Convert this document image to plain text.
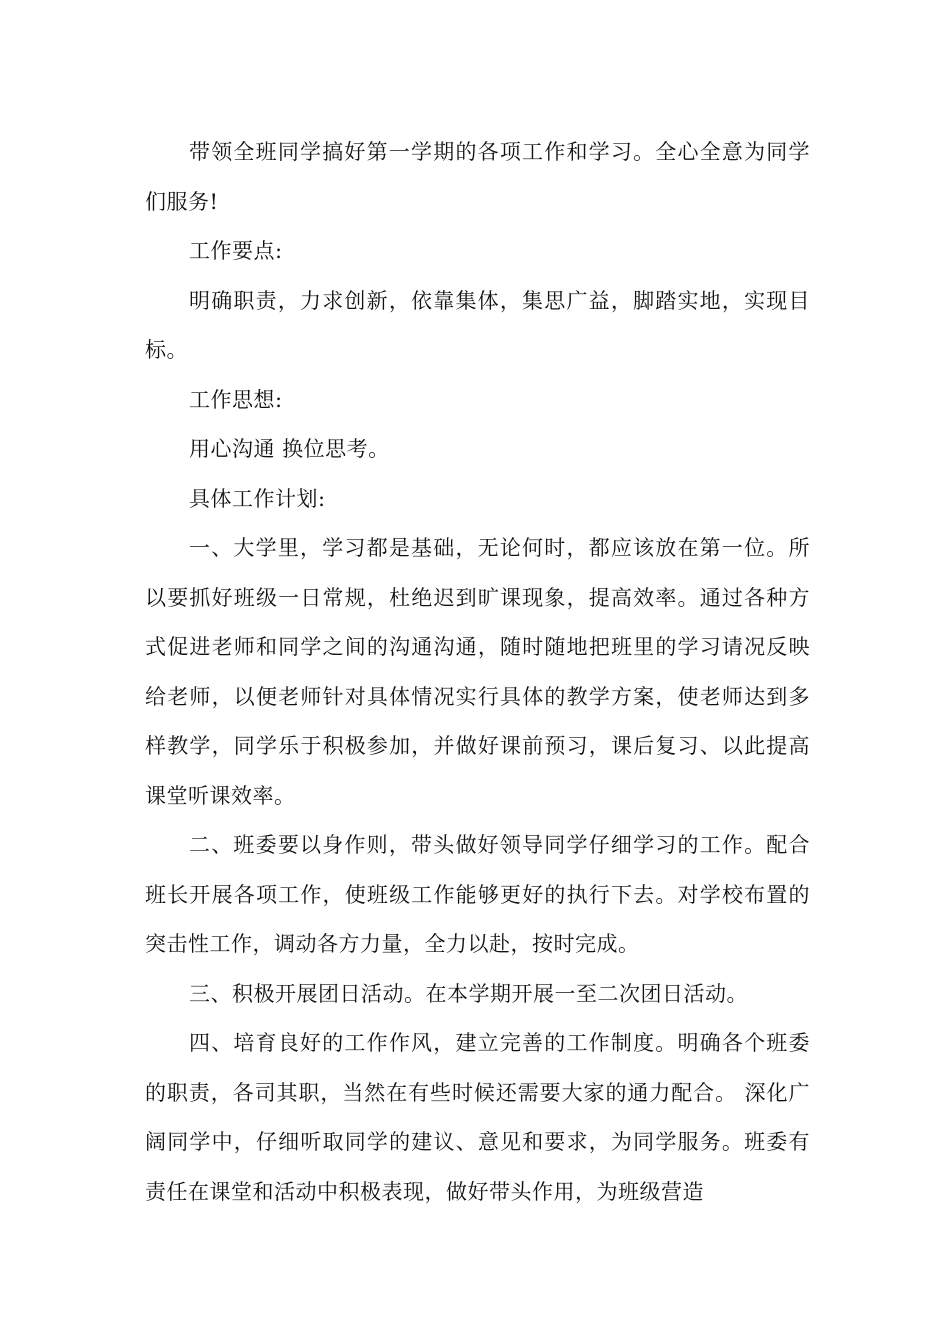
带领全班同学搞好第一学期的各项工作和学习。全心全意为同学们服务!

工作要点:

明确职责，力求创新，依靠集体，集思广益，脚踏实地，实现目标。

工作思想:

用心沟通 换位思考。

具体工作计划:

一、大学里，学习都是基础，无论何时，都应该放在第一位。所以要抓好班级一日常规，杜绝迟到旷课现象，提高效率。通过各种方式促进老师和同学之间的沟通沟通，随时随地把班里的学习请况反映给老师，以便老师针对具体情况实行具体的教学方案，使老师达到多样教学，同学乐于积极参加，并做好课前预习，课后复习、以此提高课堂听课效率。

二、班委要以身作则，带头做好领导同学仔细学习的工作。配合班长开展各项工作，使班级工作能够更好的执行下去。对学校布置的突击性工作，调动各方力量，全力以赴，按时完成。

三、积极开展团日活动。在本学期开展一至二次团日活动。

四、培育良好的工作作风，建立完善的工作制度。明确各个班委的职责，各司其职，当然在有些时候还需要大家的通力配合。 深化广阔同学中，仔细听取同学的建议、意见和要求，为同学服务。班委有责任在课堂和活动中积极表现，做好带头作用，为班级营造
